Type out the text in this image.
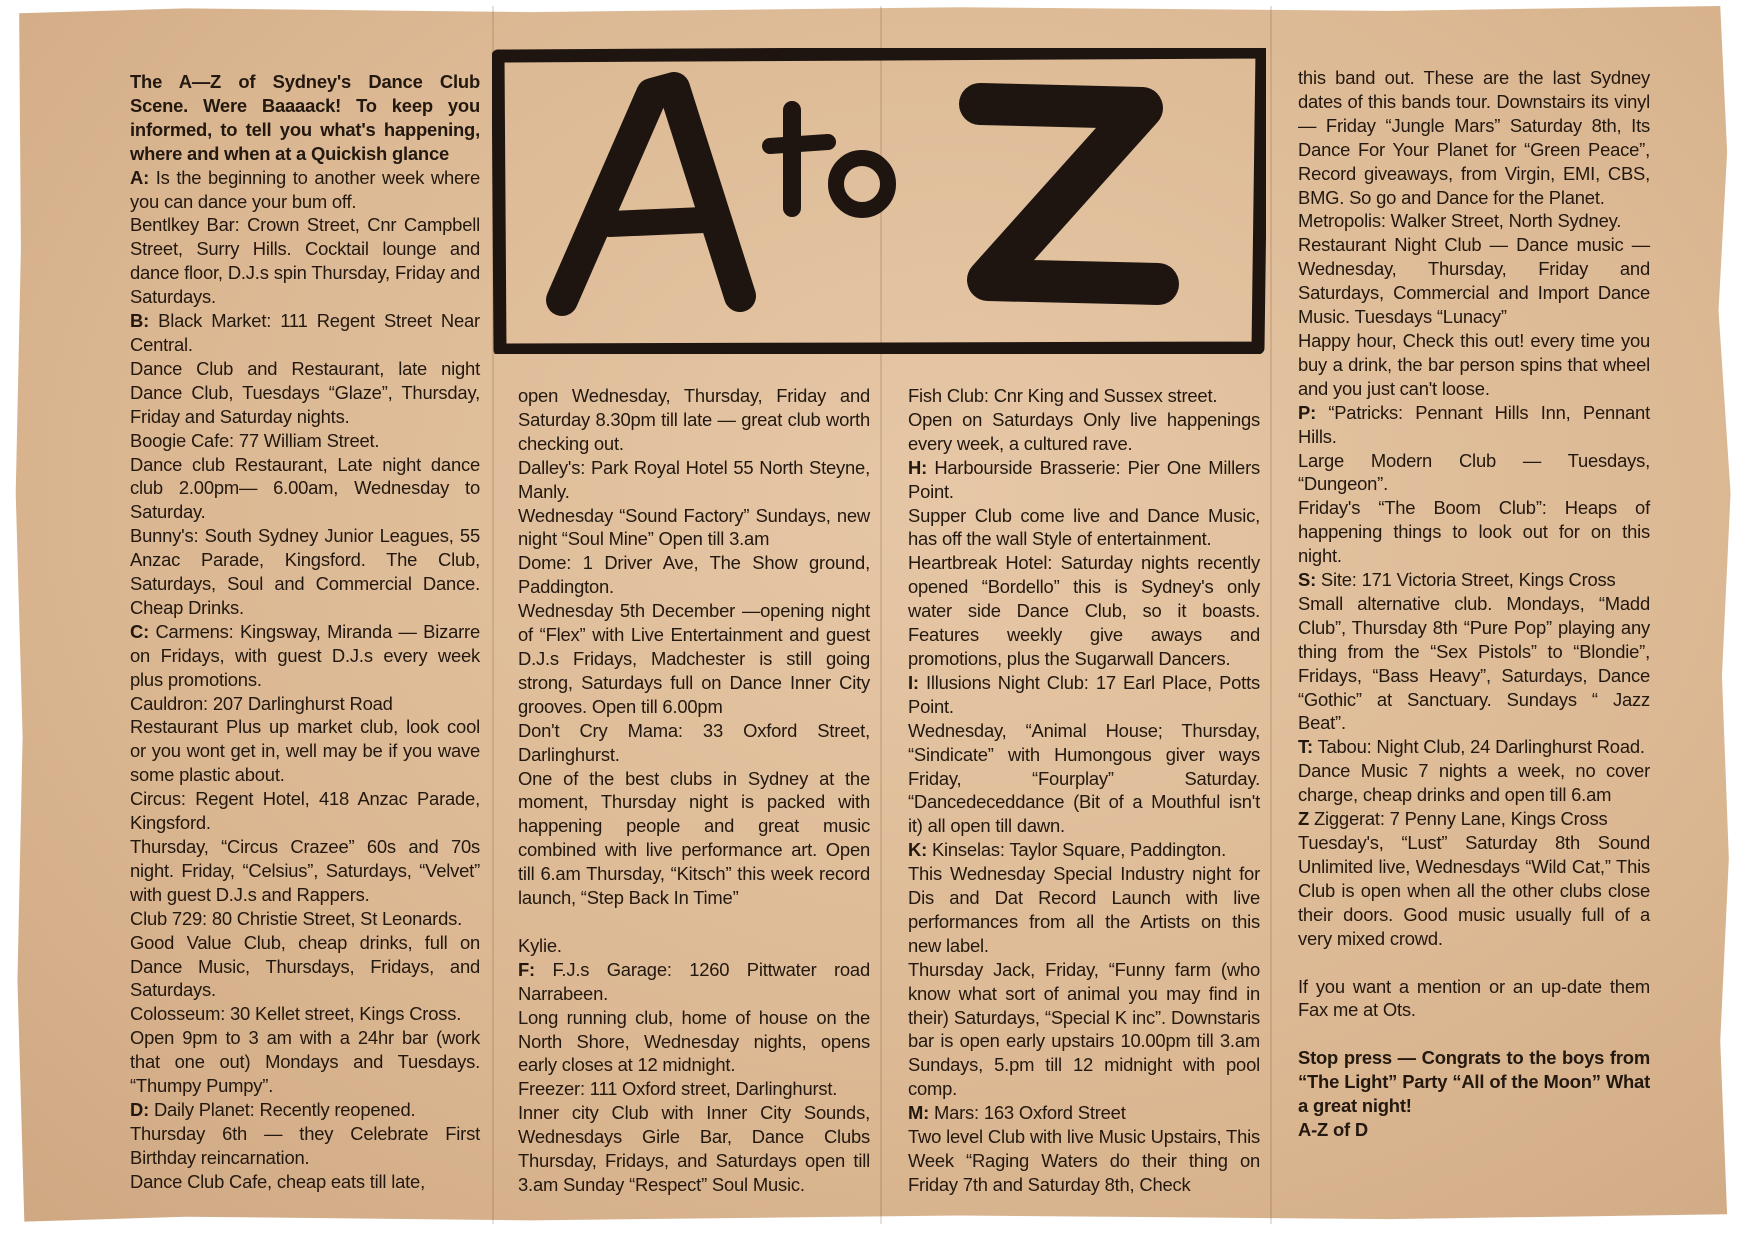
A to Z

The A—Z of Sydney's Dance Club Scene. Were Baaaack! To keep you informed, to tell you what's happening, where and when at a Quickish glance

A: Is the beginning to another week where you can dance your bum off.

Bentlkey Bar: Crown Street, Cnr Campbell Street, Surry Hills. Cocktail lounge and dance floor, D.J.s spin Thursday, Friday and Saturdays.

B: Black Market: 111 Regent Street Near Central.

Dance Club and Restaurant, late night Dance Club, Tuesdays “Glaze”, Thursday, Friday and Saturday nights.

Boogie Cafe: 77 William Street.

Dance club Restaurant, Late night dance club 2.00pm— 6.00am, Wednesday to Saturday.

Bunny's: South Sydney Junior Leagues, 55 Anzac Parade, Kingsford. The Club, Saturdays, Soul and Commercial Dance. Cheap Drinks.

C: Carmens: Kingsway, Miranda — Bizarre on Fridays, with guest D.J.s every week plus promotions.

Cauldron: 207 Darlinghurst Road

Restaurant Plus up market club, look cool or you wont get in, well may be if you wave some plastic about.

Circus: Regent Hotel, 418 Anzac Parade, Kingsford.

Thursday, “Circus Crazee” 60s and 70s night. Friday, “Celsius”, Saturdays, “Velvet” with guest D.J.s and Rappers.

Club 729: 80 Christie Street, St Leonards.

Good Value Club, cheap drinks, full on Dance Music, Thursdays, Fridays, and Saturdays.

Colosseum: 30 Kellet street, Kings Cross.

Open 9pm to 3 am with a 24hr bar (work that one out) Mondays and Tuesdays. “Thumpy Pumpy”.

D: Daily Planet: Recently reopened.

Thursday 6th — they Celebrate First Birthday reincarnation.

Dance Club Cafe, cheap eats till late,

open Wednesday, Thursday, Friday and Saturday 8.30pm till late — great club worth checking out.

Dalley's: Park Royal Hotel 55 North Steyne, Manly.

Wednesday “Sound Factory” Sundays, new night “Soul Mine” Open till 3.am

Dome: 1 Driver Ave, The Show ground, Paddington.

Wednesday 5th December —opening night of “Flex” with Live Entertainment and guest D.J.s Fridays, Madchester is still going strong, Saturdays full on Dance Inner City grooves. Open till 6.00pm

Don't Cry Mama: 33 Oxford Street, Darlinghurst.

One of the best clubs in Sydney at the moment, Thursday night is packed with happening people and great music combined with live performance art. Open till 6.am Thursday, “Kitsch” this week record launch, “Step Back In Time”

Kylie.

F: F.J.s Garage: 1260 Pittwater road Narrabeen.

Long running club, home of house on the North Shore, Wednesday nights, opens early closes at 12 midnight.

Freezer: 111 Oxford street, Darlinghurst.

Inner city Club with Inner City Sounds, Wednesdays Girle Bar, Dance Clubs Thursday, Fridays, and Saturdays open till 3.am Sunday “Respect” Soul Music.

Fish Club: Cnr King and Sussex street.

Open on Saturdays Only live happenings every week, a cultured rave.

H: Harbourside Brasserie: Pier One Millers Point.

Supper Club come live and Dance Music, has off the wall Style of entertainment.

Heartbreak Hotel: Saturday nights recently opened “Bordello” this is Sydney's only water side Dance Club, so it boasts. Features weekly give aways and promotions, plus the Sugarwall Dancers.

I: Illusions Night Club: 17 Earl Place, Potts Point.

Wednesday, “Animal House; Thursday, “Sindicate” with Humongous giver ways Friday, “Fourplay” Saturday. “Dancedeceddance (Bit of a Mouthful isn't it) all open till dawn.

K: Kinselas: Taylor Square, Paddington.

This Wednesday Special Industry night for Dis and Dat Record Launch with live performances from all the Artists on this new label.

Thursday Jack, Friday, “Funny farm (who know what sort of animal you may find in their) Saturdays, “Special K inc”. Downstaris bar is open early upstairs 10.00pm till 3.am Sundays, 5.pm till 12 midnight with pool comp.

M: Mars: 163 Oxford Street

Two level Club with live Music Upstairs, This Week “Raging Waters do their thing on Friday 7th and Saturday 8th, Check

this band out. These are the last Sydney dates of this bands tour. Downstairs its vinyl — Friday “Jungle Mars” Saturday 8th, Its Dance For Your Planet for “Green Peace”, Record giveaways, from Virgin, EMI, CBS, BMG. So go and Dance for the Planet.

Metropolis: Walker Street, North Sydney.

Restaurant Night Club — Dance music — Wednesday, Thursday, Friday and Saturdays, Commercial and Import Dance Music. Tuesdays “Lunacy”

Happy hour, Check this out! every time you buy a drink, the bar person spins that wheel and you just can't loose.

P: “Patricks: Pennant Hills Inn, Pennant Hills.

Large Modern Club — Tuesdays, “Dungeon”.

Friday's “The Boom Club”: Heaps of happening things to look out for on this night.

S: Site: 171 Victoria Street, Kings Cross

Small alternative club. Mondays, “Madd Club”, Thursday 8th “Pure Pop” playing any thing from the “Sex Pistols” to “Blondie”, Fridays, “Bass Heavy”, Saturdays, Dance “Gothic” at Sanctuary. Sundays “ Jazz Beat”.

T: Tabou: Night Club, 24 Darlinghurst Road.

Dance Music 7 nights a week, no cover charge, cheap drinks and open till 6.am

Z Ziggerat: 7 Penny Lane, Kings Cross

Tuesday's, “Lust” Saturday 8th Sound Unlimited live, Wednesdays “Wild Cat,” This Club is open when all the other clubs close their doors. Good music usually full of a very mixed crowd.

If you want a mention or an up-date them Fax me at Ots.

Stop press — Congrats to the boys from “The Light” Party “All of the Moon” What a great night!

A-Z of D
